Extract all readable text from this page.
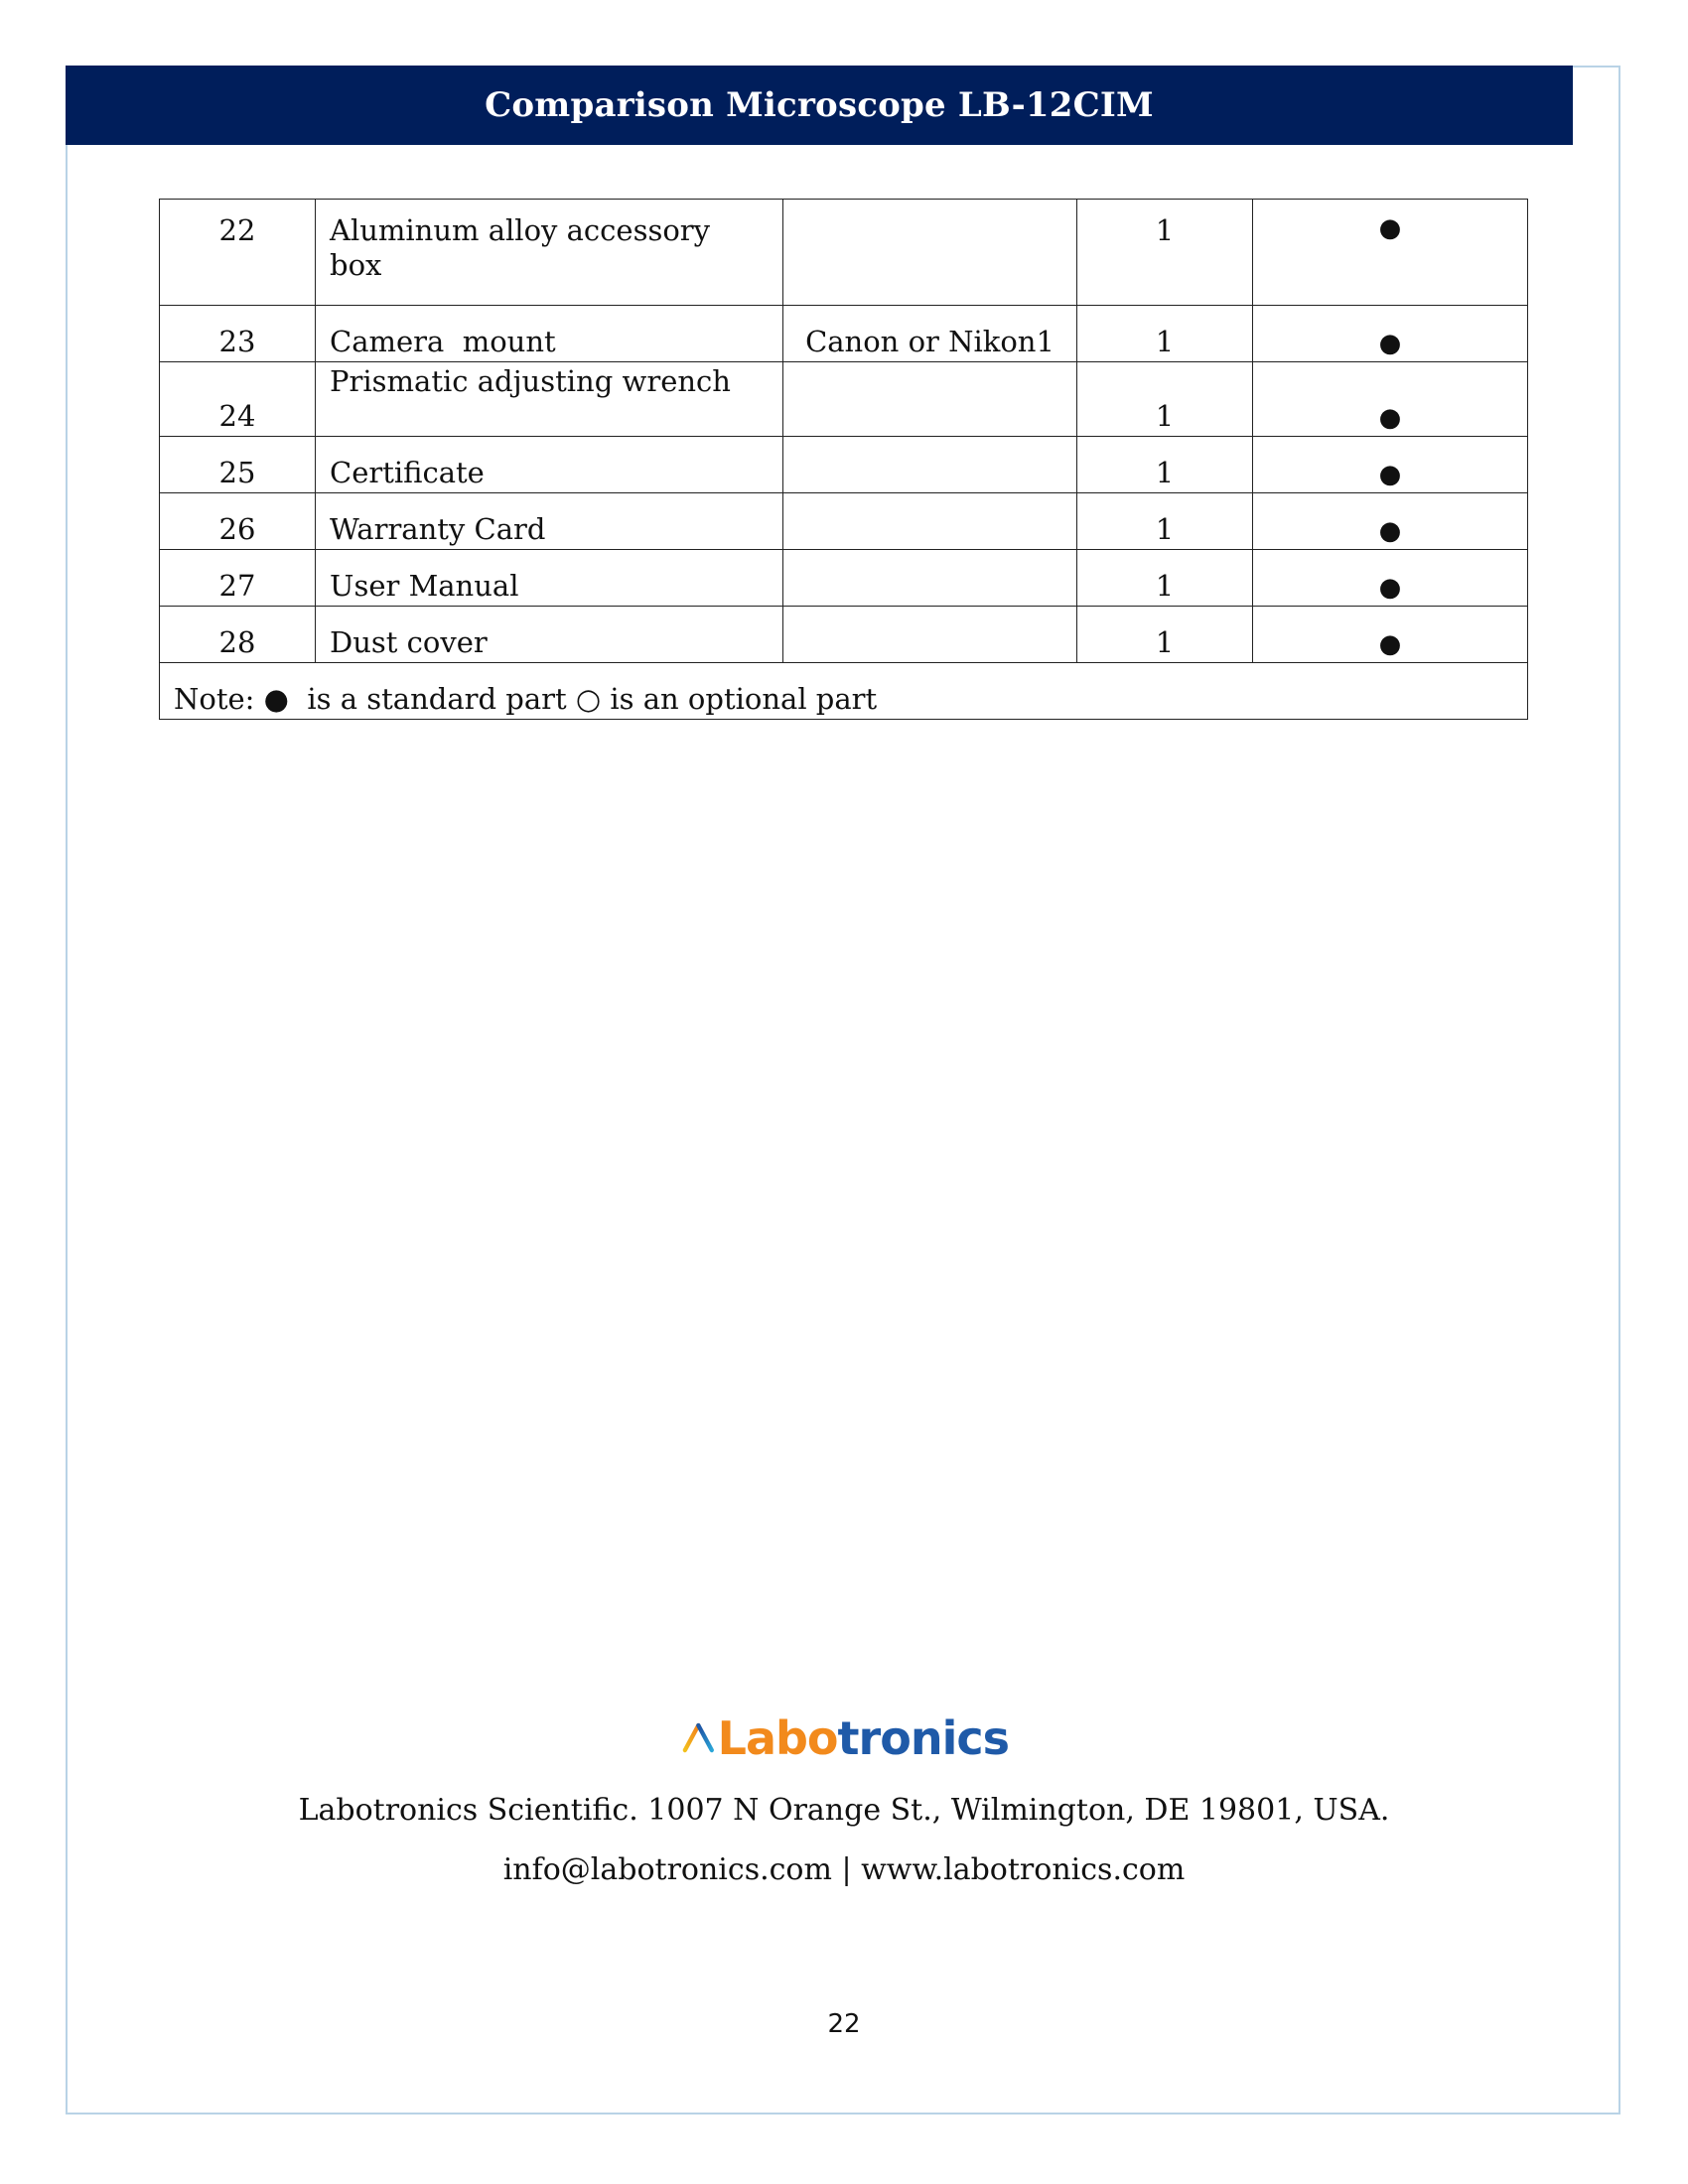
Comparison Microscope LB-12CIM
22	Aluminum alloy accessory box		1	●
23	Camera  mount	Canon or Nikon1	1	●
24	Prismatic adjusting wrench		1	●
25	Certificate		1	●
26	Warranty Card		1	●
27	User Manual		1	●
28	Dust cover		1	●
Note: ●  is a standard part ○ is an optional part				
Labotronics
Labotronics Scientific. 1007 N Orange St., Wilmington, DE 19801, USA.
info@labotronics.com | www.labotronics.com
22
